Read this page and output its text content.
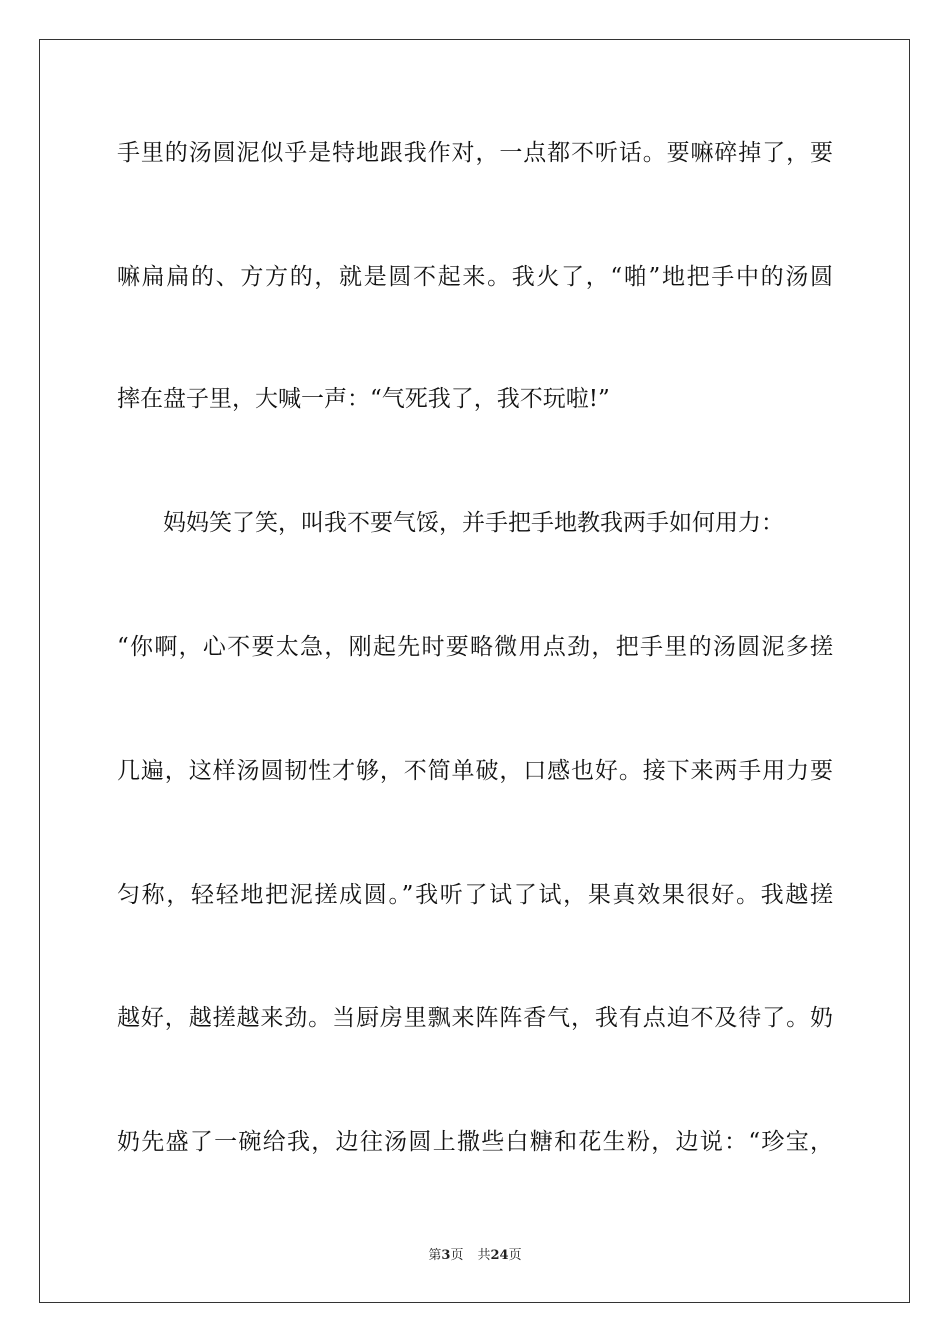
手里的汤圆泥似乎是特地跟我作对，一点都不听话。要嘛碎掉了，要
嘛扁扁的、方方的，就是圆不起来。我火了，“啪”地把手中的汤圆
摔在盘子里，大喊一声：“气死我了，我不玩啦!”
妈妈笑了笑，叫我不要气馁，并手把手地教我两手如何用力：
“你啊，心不要太急，刚起先时要略微用点劲，把手里的汤圆泥多搓
几遍，这样汤圆韧性才够，不简单破，口感也好。接下来两手用力要
匀称，轻轻地把泥搓成圆。”我听了试了试，果真效果很好。我越搓
越好，越搓越来劲。当厨房里飘来阵阵香气，我有点迫不及待了。奶
奶先盛了一碗给我，边往汤圆上撒些白糖和花生粉，边说：“珍宝，
第3页 共24页
